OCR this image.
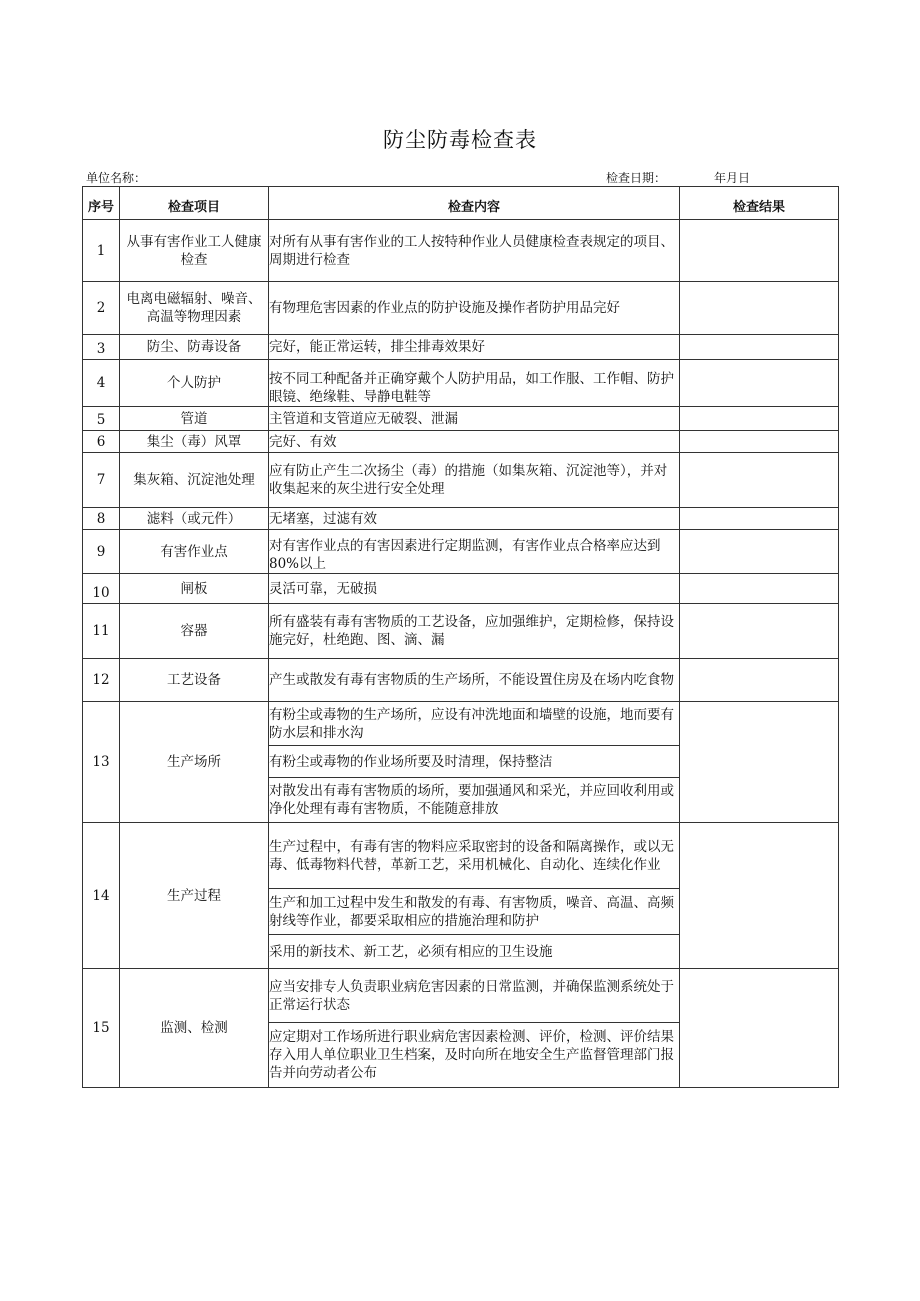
防尘防毒检查表
单位名称：	检查日期：	年月日
序号	检查项目	检查内容	检查结果
1	从事有害作业工人健康检查	对所有从事有害作业的工人按特种作业人员健康检查表规定的项目、周期进行检查	
2	电离电磁辐射、噪音、高温等物理因素	有物理危害因素的作业点的防护设施及操作者防护用品完好	
3	防尘、防毒设备	完好，能正常运转，排尘排毒效果好	
4	个人防护	按不同工种配备并正确穿戴个人防护用品，如工作服、工作帽、防护眼镜、绝缘鞋、导静电鞋等	
5	管道	主管道和支管道应无破裂、泄漏	
6	集尘（毒）风罩	完好、有效	
7	集灰箱、沉淀池处理	应有防止产生二次扬尘（毒）的措施（如集灰箱、沉淀池等），并对收集起来的灰尘进行安全处理	
8	滤料（或元件）	无堵塞，过滤有效	
9	有害作业点	对有害作业点的有害因素进行定期监测，有害作业点合格率应达到80%以上	
10	闸板	灵活可靠，无破损	
11	容器	所有盛装有毒有害物质的工艺设备，应加强维护，定期检修，保持设施完好，杜绝跑、图、滴、漏	
12	工艺设备	产生或散发有毒有害物质的生产场所，不能设置住房及在场内吃食物	
13	生产场所	有粉尘或毒物的生产场所，应设有冲洗地面和墙壁的设施，地而要有防水层和排水沟	
		有粉尘或毒物的作业场所要及时清理，保持整洁	
		对散发出有毒有害物质的场所，要加强通风和采光，并应回收利用或净化处理有毒有害物质，不能随意排放	
14	生产过程	生产过程中，有毒有害的物料应采取密封的设备和隔离操作，或以无毒、低毒物料代替，革新工艺，采用机械化、自动化、连续化作业	
		生产和加工过程中发生和散发的有毒、有害物质，噪音、高温、高频射线等作业，都要采取相应的措施治理和防护	
		采用的新技术、新工艺，必须有相应的卫生设施	
15	监测、检测	应当安排专人负责职业病危害因素的日常监测，并确保监测系统处于正常运行状态	
		应定期对工作场所进行职业病危害因素检测、评价，检测、评价结果存入用人单位职业卫生档案，及时向所在地安全生产监督管理部门报告并向劳动者公布	
